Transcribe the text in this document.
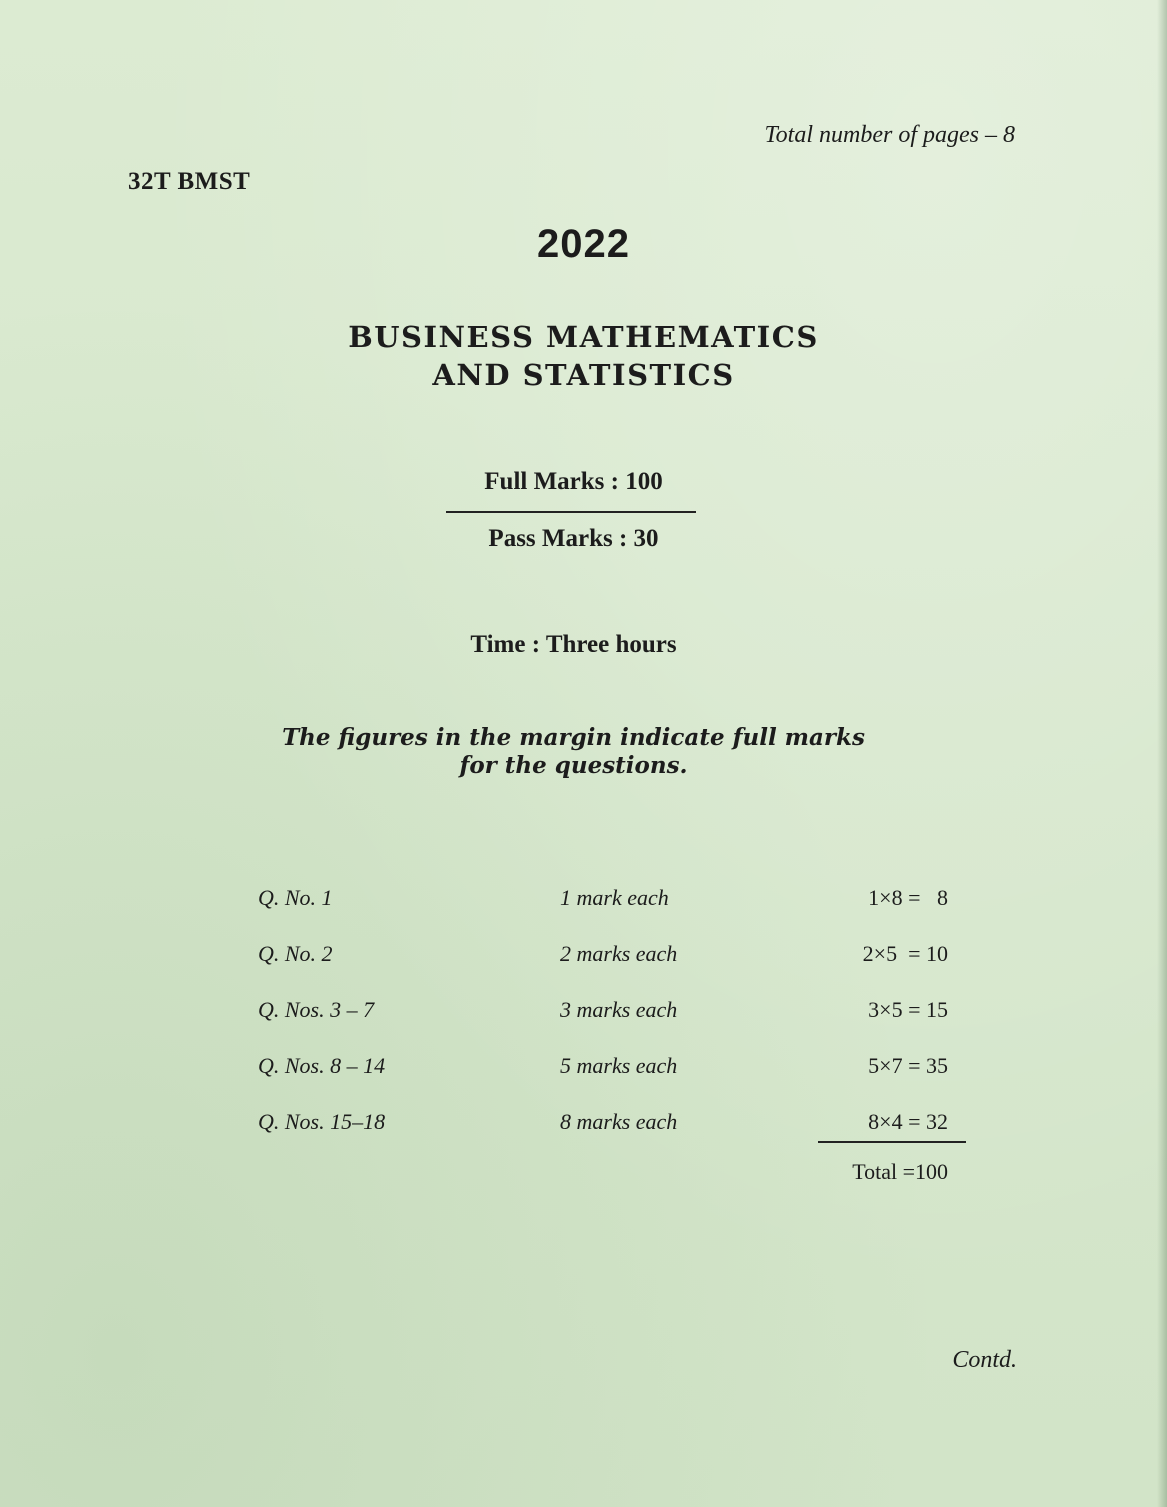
Total number of pages – 8
32T BMST
2022
BUSINESS MATHEMATICS
AND STATISTICS
Full Marks : 100
Pass Marks : 30
Time : Three hours
The figures in the margin indicate full marks
for the questions.
Q. No. 1	1 mark each	1×8 =   8
Q. No. 2	2 marks each	2×5  = 10
Q. Nos. 3 – 7	3 marks each	3×5 = 15
Q. Nos. 8 – 14	5 marks each	5×7 = 35
Q. Nos. 15–18	8 marks each	8×4 = 32
Total =100
Contd.
